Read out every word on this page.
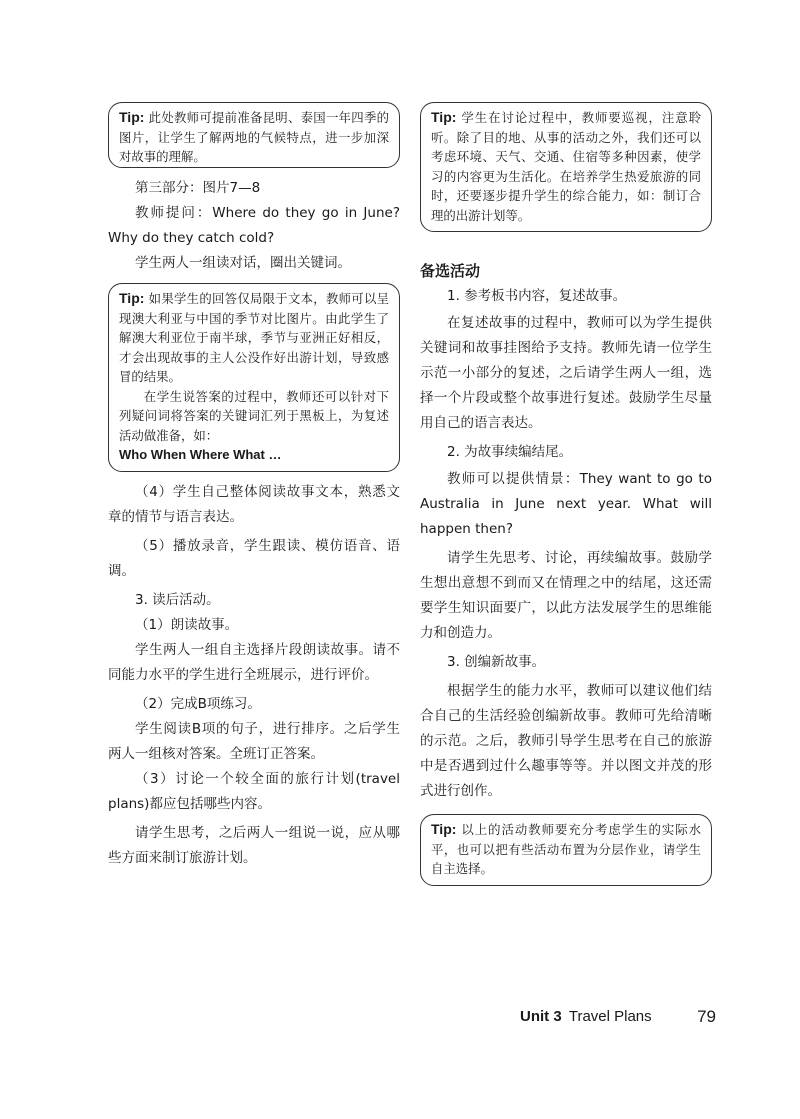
Tip: 此处教师可提前准备昆明、泰国一年四季的图片，让学生了解两地的气候特点，进一步加深对故事的理解。
第三部分：图片7—8
教师提问：Where do they go in June? Why do they catch cold?
学生两人一组读对话，圈出关键词。
Tip: 如果学生的回答仅局限于文本，教师可以呈现澳大利亚与中国的季节对比图片。由此学生了解澳大利亚位于南半球，季节与亚洲正好相反，才会出现故事的主人公没作好出游计划，导致感冒的结果。
在学生说答案的过程中，教师还可以针对下列疑问词将答案的关键词汇列于黑板上，为复述活动做准备，如：
Who When Where What …
（4）学生自己整体阅读故事文本，熟悉文章的情节与语言表达。
（5）播放录音，学生跟读、模仿语音、语调。
3. 读后活动。
（1）朗读故事。
学生两人一组自主选择片段朗读故事。请不同能力水平的学生进行全班展示，进行评价。
（2）完成B项练习。
学生阅读B项的句子，进行排序。之后学生两人一组核对答案。全班订正答案。
（3）讨论一个较全面的旅行计划(travel plans)都应包括哪些内容。
请学生思考，之后两人一组说一说，应从哪些方面来制订旅游计划。
Tip: 学生在讨论过程中，教师要巡视，注意聆听。除了目的地、从事的活动之外，我们还可以考虑环境、天气、交通、住宿等多种因素，使学习的内容更为生活化。在培养学生热爱旅游的同时，还要逐步提升学生的综合能力，如：制订合理的出游计划等。
备选活动
1. 参考板书内容，复述故事。
在复述故事的过程中，教师可以为学生提供关键词和故事挂图给予支持。教师先请一位学生示范一小部分的复述，之后请学生两人一组，选择一个片段或整个故事进行复述。鼓励学生尽量用自己的语言表达。
2. 为故事续编结尾。
教师可以提供情景：They want to go to Australia in June next year. What will happen then?
请学生先思考、讨论，再续编故事。鼓励学生想出意想不到而又在情理之中的结尾，这还需要学生知识面要广，以此方法发展学生的思维能力和创造力。
3. 创编新故事。
根据学生的能力水平，教师可以建议他们结合自己的生活经验创编新故事。教师可先给清晰的示范。之后，教师引导学生思考在自己的旅游中是否遇到过什么趣事等等。并以图文并茂的形式进行创作。
Tip: 以上的活动教师要充分考虑学生的实际水平，也可以把有些活动布置为分层作业，请学生自主选择。
Unit 3 Travel Plans	79
